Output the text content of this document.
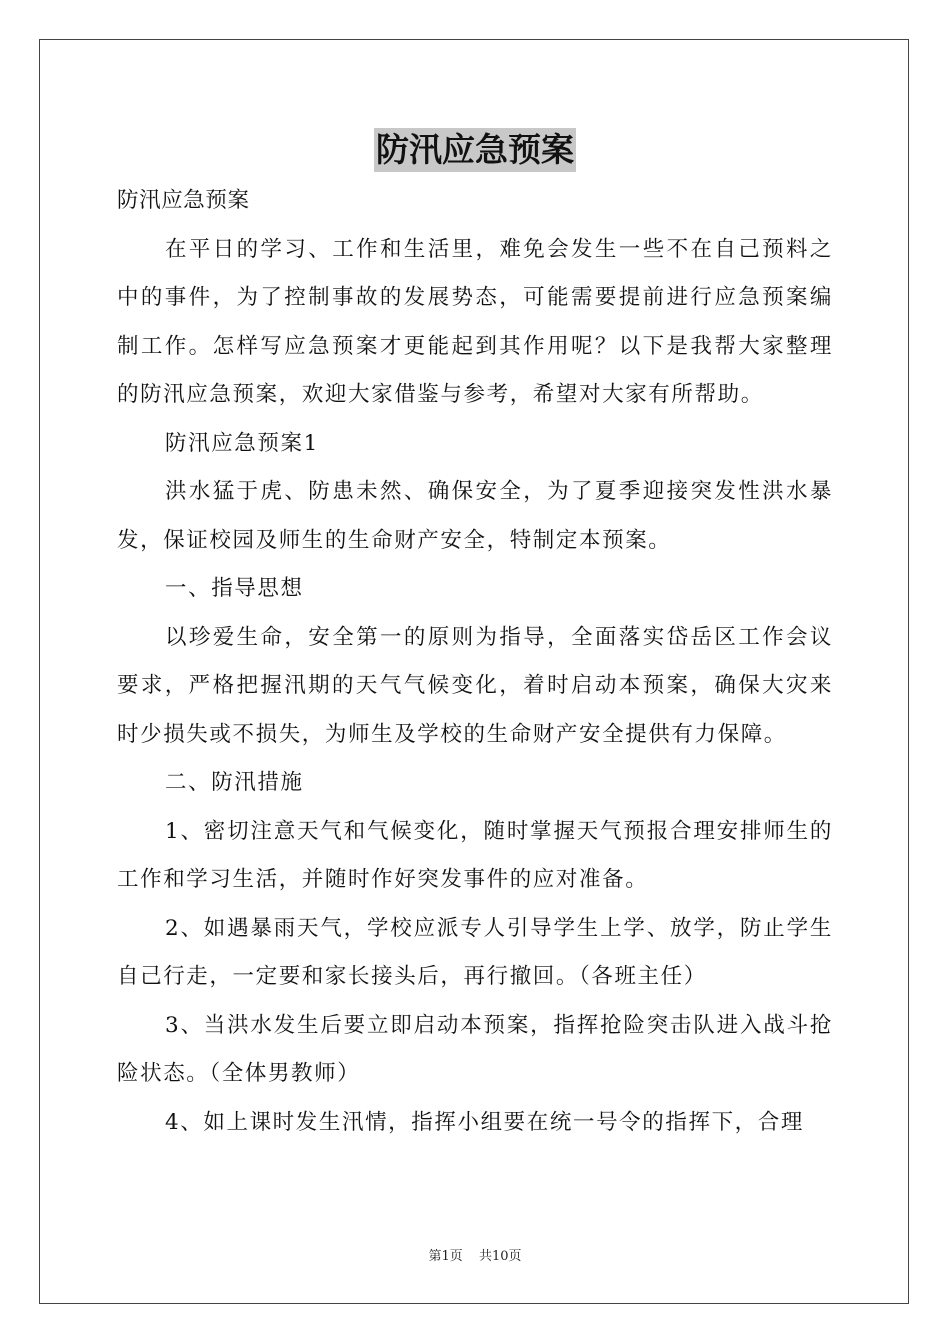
防汛应急预案

防汛应急预案

在平日的学习、工作和生活里，难免会发生一些不在自己预料之中的事件，为了控制事故的发展势态，可能需要提前进行应急预案编制工作。怎样写应急预案才更能起到其作用呢？以下是我帮大家整理的防汛应急预案，欢迎大家借鉴与参考，希望对大家有所帮助。

防汛应急预案1

洪水猛于虎、防患未然、确保安全，为了夏季迎接突发性洪水暴发，保证校园及师生的生命财产安全，特制定本预案。

一、指导思想

以珍爱生命，安全第一的原则为指导，全面落实岱岳区工作会议要求，严格把握汛期的天气气候变化，着时启动本预案，确保大灾来时少损失或不损失，为师生及学校的生命财产安全提供有力保障。

二、防汛措施

1、密切注意天气和气候变化，随时掌握天气预报合理安排师生的工作和学习生活，并随时作好突发事件的应对准备。

2、如遇暴雨天气，学校应派专人引导学生上学、放学，防止学生自己行走，一定要和家长接头后，再行撤回。（各班主任）

3、当洪水发生后要立即启动本预案，指挥抢险突击队进入战斗抢险状态。（全体男教师）

4、如上课时发生汛情，指挥小组要在统一号令的指挥下，合理

第1页 共10页
